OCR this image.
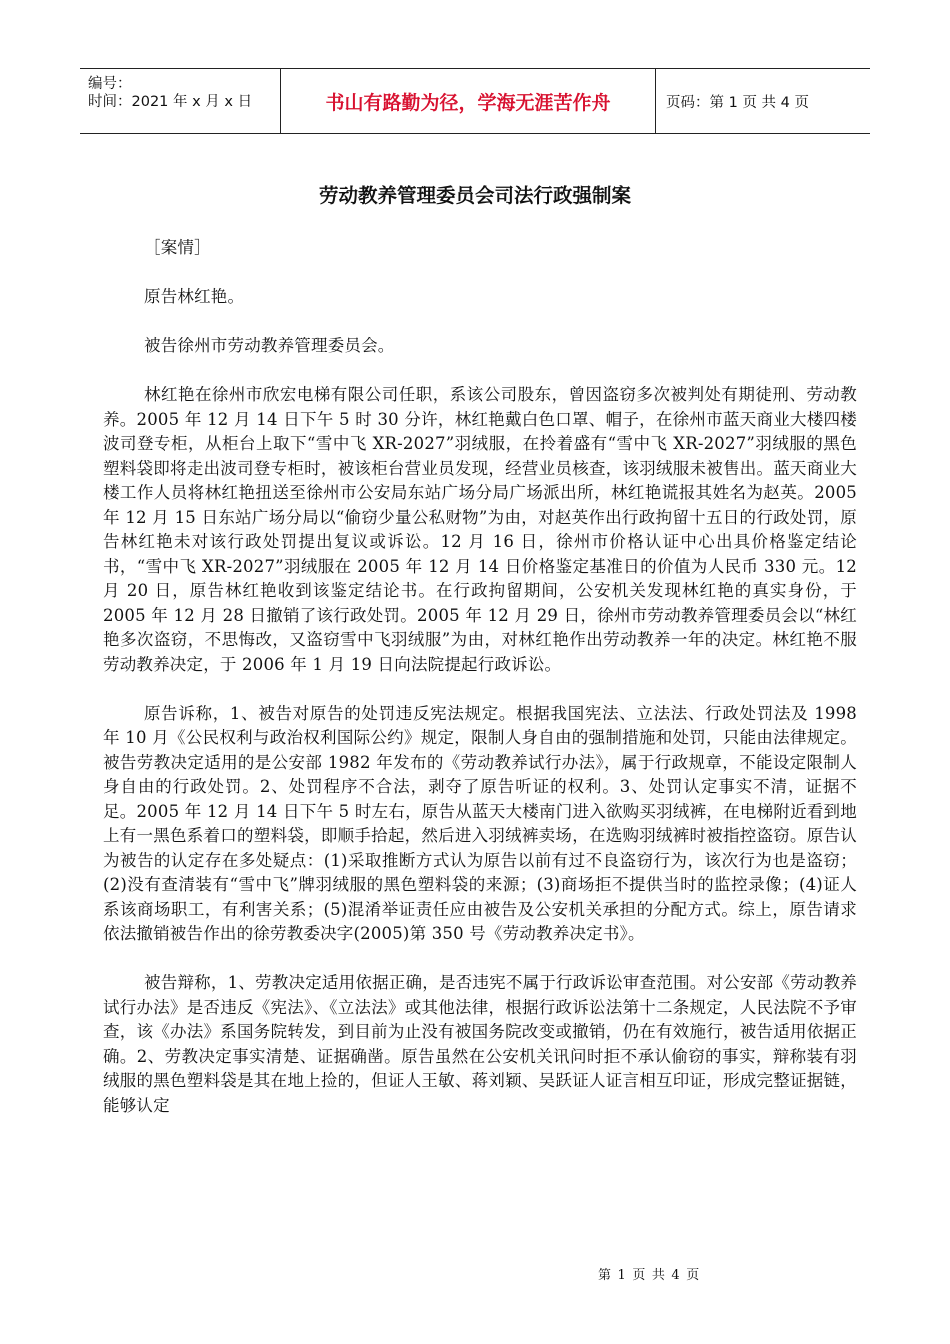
编号：
时间：2021 年 x 月 x 日	书山有路勤为径，学海无涯苦作舟	页码：第 1 页 共 4 页
劳动教养管理委员会司法行政强制案

［案情］

原告林红艳。

被告徐州市劳动教养管理委员会。

林红艳在徐州市欣宏电梯有限公司任职，系该公司股东，曾因盗窃多次被判处有期徒刑、劳动教养。2005 年 12 月 14 日下午 5 时 30 分许，林红艳戴白色口罩、帽子，在徐州市蓝天商业大楼四楼波司登专柜，从柜台上取下“雪中飞 XR-2027”羽绒服，在拎着盛有“雪中飞 XR-2027”羽绒服的黑色塑料袋即将走出波司登专柜时，被该柜台营业员发现，经营业员核查，该羽绒服未被售出。蓝天商业大楼工作人员将林红艳扭送至徐州市公安局东站广场分局广场派出所，林红艳谎报其姓名为赵英。2005 年 12 月 15 日东站广场分局以“偷窃少量公私财物”为由，对赵英作出行政拘留十五日的行政处罚，原告林红艳未对该行政处罚提出复议或诉讼。12 月 16 日，徐州市价格认证中心出具价格鉴定结论书，“雪中飞 XR-2027”羽绒服在 2005 年 12 月 14 日价格鉴定基准日的价值为人民币 330 元。12 月 20 日，原告林红艳收到该鉴定结论书。在行政拘留期间，公安机关发现林红艳的真实身份，于 2005 年 12 月 28 日撤销了该行政处罚。2005 年 12 月 29 日，徐州市劳动教养管理委员会以“林红艳多次盗窃，不思悔改，又盗窃雪中飞羽绒服”为由，对林红艳作出劳动教养一年的决定。林红艳不服劳动教养决定，于 2006 年 1 月 19 日向法院提起行政诉讼。

原告诉称，1、被告对原告的处罚违反宪法规定。根据我国宪法、立法法、行政处罚法及 1998 年 10 月《公民权利与政治权利国际公约》规定，限制人身自由的强制措施和处罚，只能由法律规定。被告劳教决定适用的是公安部 1982 年发布的《劳动教养试行办法》，属于行政规章，不能设定限制人身自由的行政处罚。2、处罚程序不合法，剥夺了原告听证的权利。3、处罚认定事实不清，证据不足。2005 年 12 月 14 日下午 5 时左右，原告从蓝天大楼南门进入欲购买羽绒裤，在电梯附近看到地上有一黑色系着口的塑料袋，即顺手拾起，然后进入羽绒裤卖场，在选购羽绒裤时被指控盗窃。原告认为被告的认定存在多处疑点：(1)采取推断方式认为原告以前有过不良盗窃行为，该次行为也是盗窃；(2)没有查清装有“雪中飞”牌羽绒服的黑色塑料袋的来源；(3)商场拒不提供当时的监控录像；(4)证人系该商场职工，有利害关系；(5)混淆举证责任应由被告及公安机关承担的分配方式。综上，原告请求依法撤销被告作出的徐劳教委决字(2005)第 350 号《劳动教养决定书》。

被告辩称，1、劳教决定适用依据正确，是否违宪不属于行政诉讼审查范围。对公安部《劳动教养试行办法》是否违反《宪法》、《立法法》或其他法律，根据行政诉讼法第十二条规定，人民法院不予审查，该《办法》系国务院转发，到目前为止没有被国务院改变或撤销，仍在有效施行，被告适用依据正确。2、劳教决定事实清楚、证据确凿。原告虽然在公安机关讯问时拒不承认偷窃的事实，辩称装有羽绒服的黑色塑料袋是其在地上捡的，但证人王敏、蒋刘颖、吴跃证人证言相互印证，形成完整证据链，能够认定

第 1 页 共 4 页
